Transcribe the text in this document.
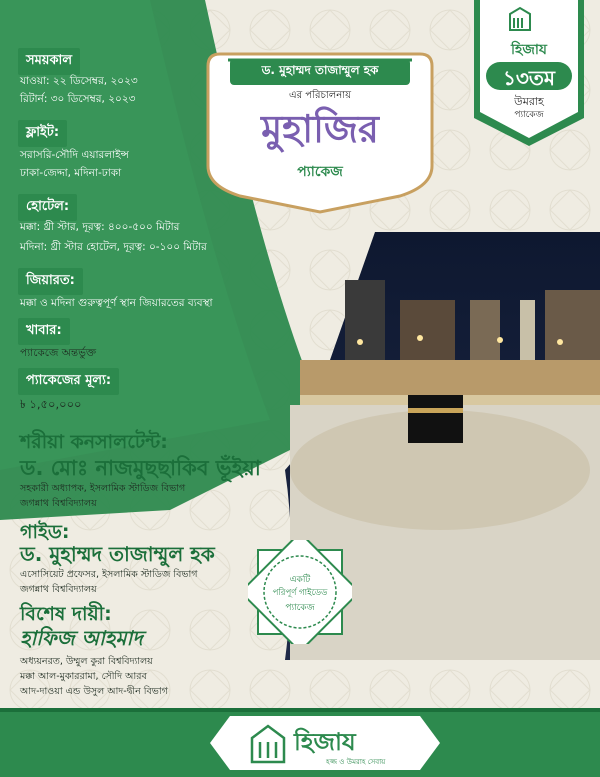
সময়কাল
যাওয়া: ২২ ডিসেম্বর, ২০২৩
রিটার্ন: ৩০ ডিসেম্বর, ২০২৩
ফ্লাইট:
সরাসরি-সৌদি এয়ারলাইন্স
ঢাকা-জেদ্দা, মদিনা-ঢাকা
হোটেল:
মক্কা: থ্রী স্টার, দূরত্ব: ৪০০-৫০০ মিটার
মদিনা: থ্রী স্টার হোটেল, দূরত্ব: ০-১০০ মিটার
জিয়ারত:
মক্কা ও মদিনা গুরুত্বপূর্ণ স্থান জিয়ারতের ব্যবস্থা
খাবার:
প্যাকেজে অন্তর্ভুক্ত
প্যাকেজের মূল্য:
৳ ১,৫০,০০০
ড. মুহাম্মদ তাজাম্মুল হক
এর পরিচালনায়
মুহাজির
প্যাকেজ
হিজায
১৩তম
উমরাহ
প্যাকেজ
শরীয়া কনসালটেন্ট:
ড. মোঃ নাজমুছছাকিব ভূঁইয়া
সহকারী অধ্যাপক, ইসলামিক স্টাডিজ বিভাগ
জগন্নাথ বিশ্ববিদ্যালয়
গাইড:
ড. মুহাম্মদ তাজাম্মুল হক
এসোসিয়েট প্রফেসর, ইসলামিক স্টাডিজ বিভাগ
জগন্নাথ বিশ্ববিদ্যালয়
বিশেষ দায়ী:
হাফিজ আহমাদ
অধ্যয়নরত, উম্মুল কুরা বিশ্ববিদ্যালয়
মক্কা আল-মুকাররামা, সৌদি আরব
আদ-দাওয়া এন্ড উসুল আদ-দ্বীন বিভাগ
একটি
পরিপূর্ণ গাইডেড
প্যাকেজ
হিজায
হজ্জ ও উমরাহ সেবায়
